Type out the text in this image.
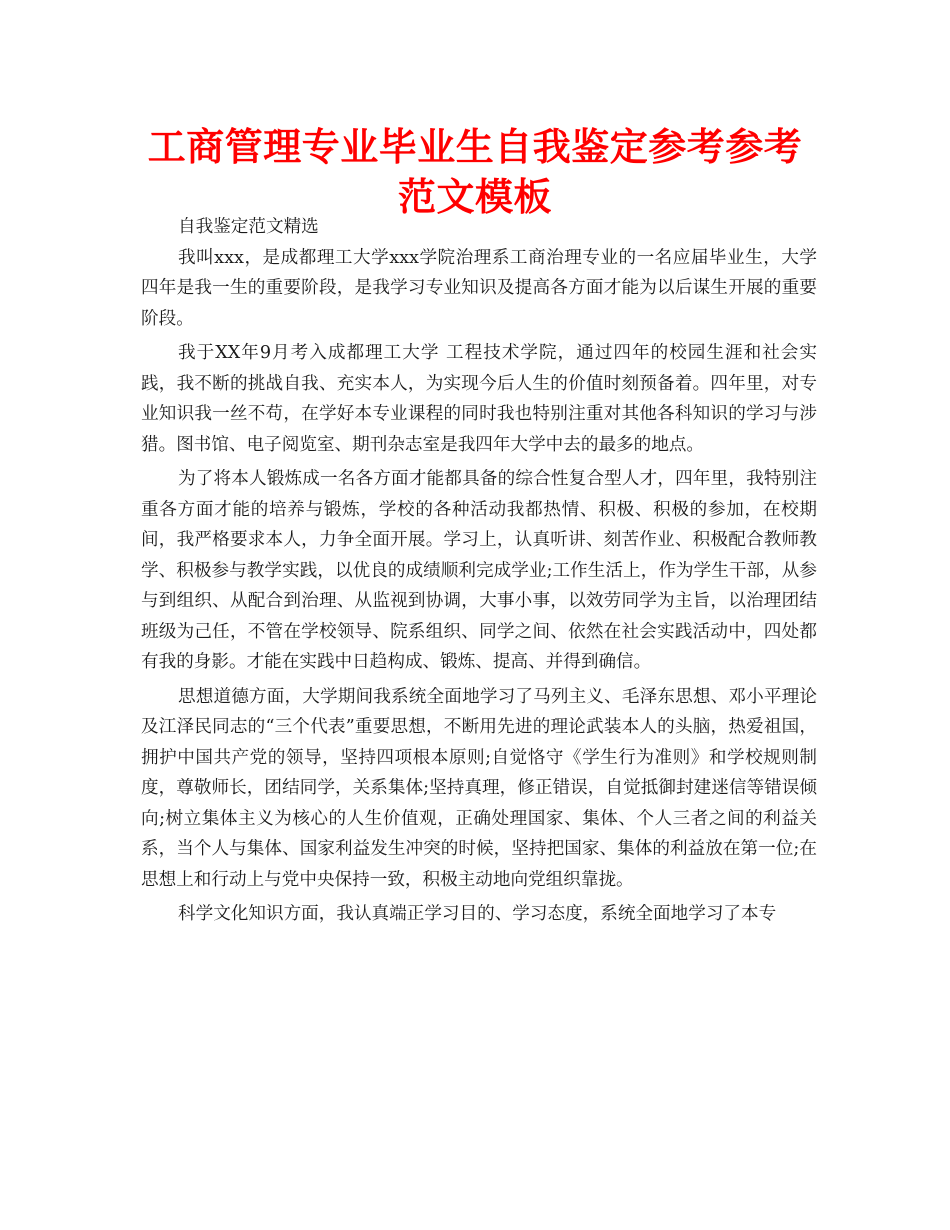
工商管理专业毕业生自我鉴定参考参考范文模板

自我鉴定范文精选

我叫xxx，是成都理工大学xxx学院治理系工商治理专业的一名应届毕业生，大学四年是我一生的重要阶段，是我学习专业知识及提高各方面才能为以后谋生开展的重要阶段。

我于XX年9月考入成都理工大学 工程技术学院，通过四年的校园生涯和社会实践，我不断的挑战自我、充实本人，为实现今后人生的价值时刻预备着。四年里，对专业知识我一丝不苟，在学好本专业课程的同时我也特别注重对其他各科知识的学习与涉猎。图书馆、电子阅览室、期刊杂志室是我四年大学中去的最多的地点。

为了将本人锻炼成一名各方面才能都具备的综合性复合型人才，四年里，我特别注重各方面才能的培养与锻炼，学校的各种活动我都热情、积极、积极的参加，在校期间，我严格要求本人，力争全面开展。学习上，认真听讲、刻苦作业、积极配合教师教学、积极参与教学实践，以优良的成绩顺利完成学业;工作生活上，作为学生干部，从参与到组织、从配合到治理、从监视到协调，大事小事，以效劳同学为主旨，以治理团结班级为己任，不管在学校领导、院系组织、同学之间、依然在社会实践活动中，四处都有我的身影。才能在实践中日趋构成、锻炼、提高、并得到确信。

思想道德方面，大学期间我系统全面地学习了马列主义、毛泽东思想、邓小平理论及江泽民同志的“三个代表”重要思想，不断用先进的理论武装本人的头脑，热爱祖国，拥护中国共产党的领导，坚持四项根本原则;自觉恪守《学生行为准则》和学校规则制度，尊敬师长，团结同学，关系集体;坚持真理，修正错误，自觉抵御封建迷信等错误倾向;树立集体主义为核心的人生价值观，正确处理国家、集体、个人三者之间的利益关系，当个人与集体、国家利益发生冲突的时候，坚持把国家、集体的利益放在第一位;在思想上和行动上与党中央保持一致，积极主动地向党组织靠拢。

科学文化知识方面，我认真端正学习目的、学习态度，系统全面地学习了本专
